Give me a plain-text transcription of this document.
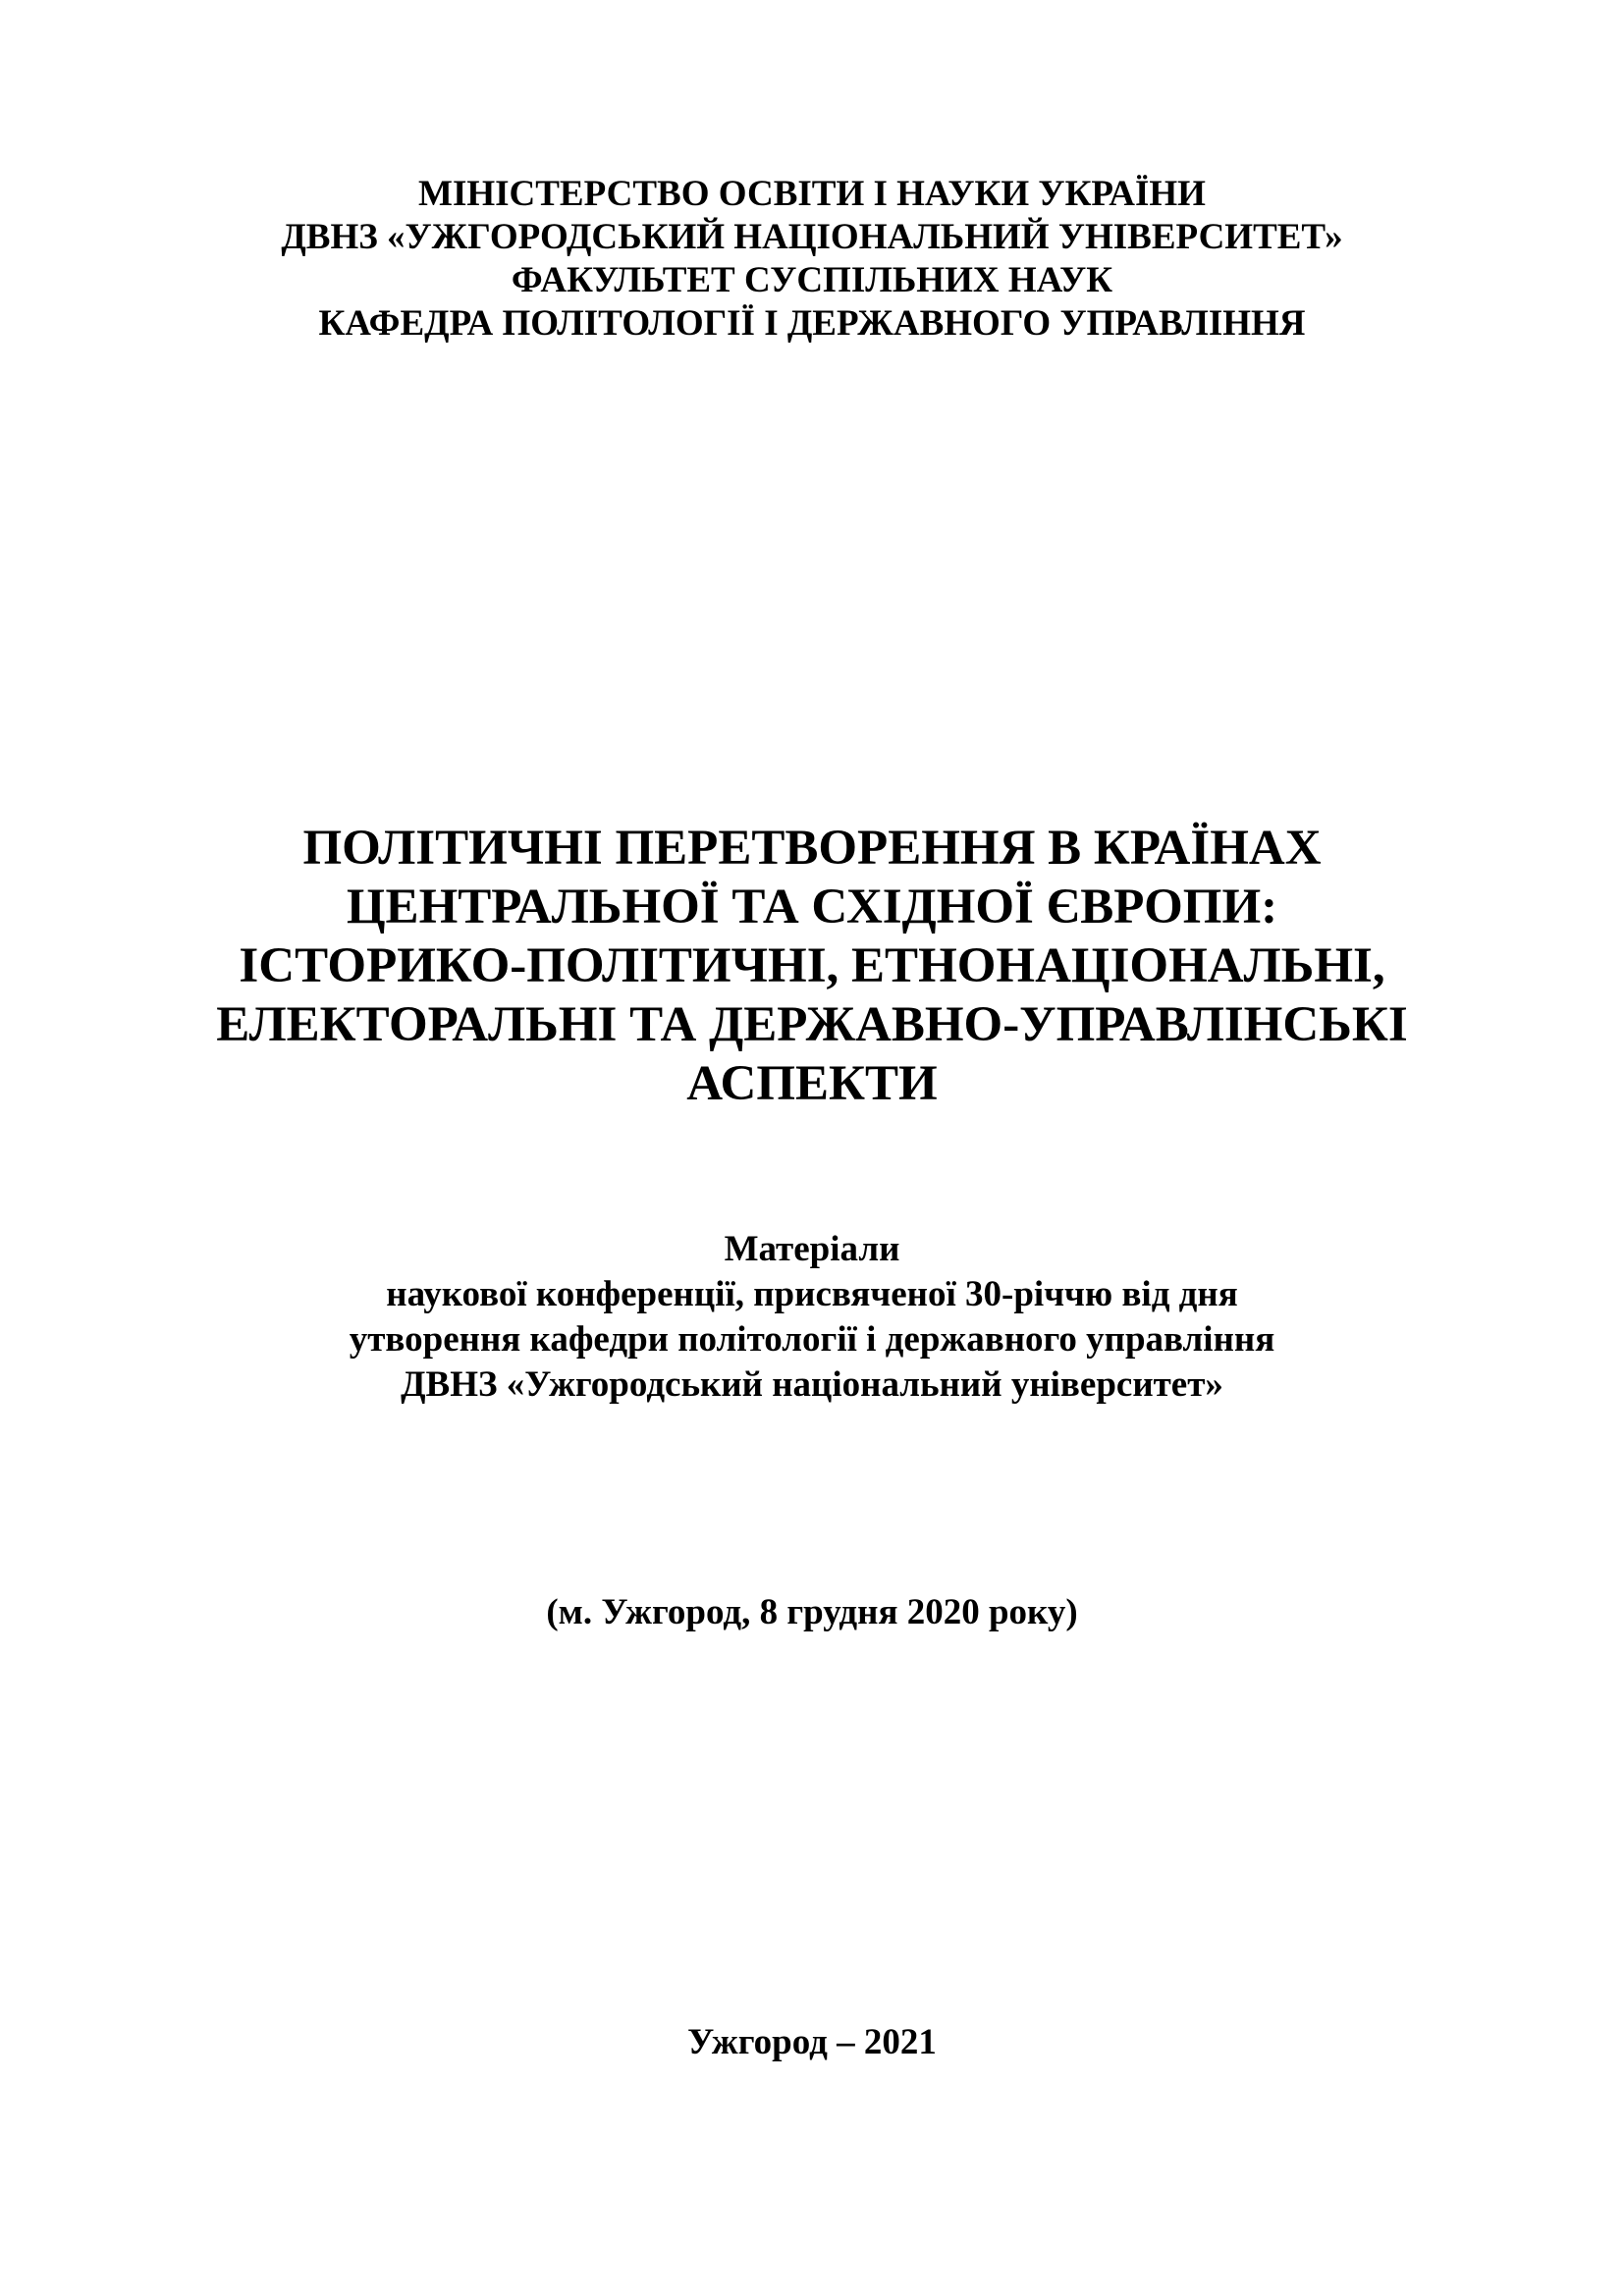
МІНІСТЕРСТВО ОСВІТИ І НАУКИ УКРАЇНИ
ДВНЗ «УЖГОРОДСЬКИЙ НАЦІОНАЛЬНИЙ УНІВЕРСИТЕТ»
ФАКУЛЬТЕТ СУСПІЛЬНИХ НАУК
КАФЕДРА ПОЛІТОЛОГІЇ І ДЕРЖАВНОГО УПРАВЛІННЯ
ПОЛІТИЧНІ ПЕРЕТВОРЕННЯ В КРАЇНАХ
ЦЕНТРАЛЬНОЇ ТА СХІДНОЇ ЄВРОПИ:
ІСТОРИКО-ПОЛІТИЧНІ, ЕТНОНАЦІОНАЛЬНІ,
ЕЛЕКТОРАЛЬНІ ТА ДЕРЖАВНО-УПРАВЛІНСЬКІ
АСПЕКТИ
Матеріали
наукової конференції, присвяченої 30-річчю від дня
утворення кафедри політології і державного управління
ДВНЗ «Ужгородський національний університет»
(м. Ужгород, 8 грудня 2020 року)
Ужгород – 2021
